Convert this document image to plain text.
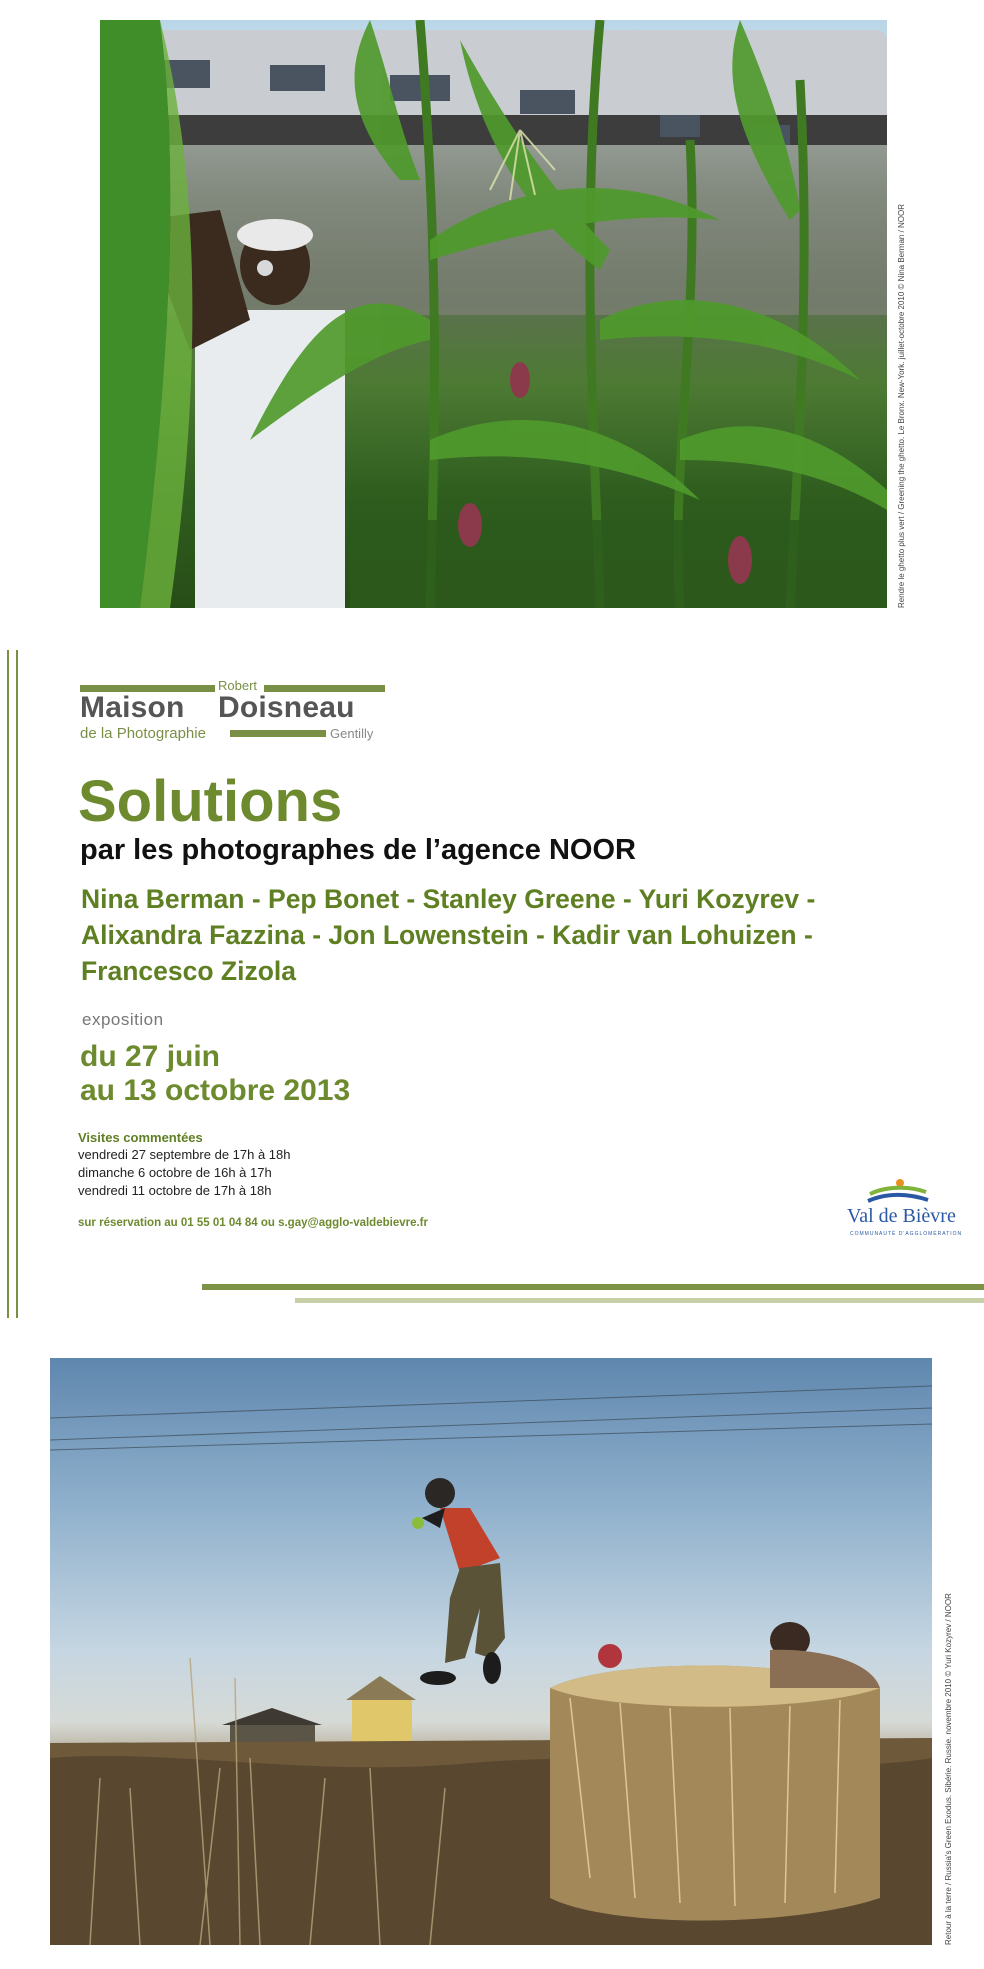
Rendre le ghetto plus vert / Greening the ghetto. Le Bronx. New-York. juillet-octobre 2010 © Nina Berman / NOOR
Robert
Maison Doisneau
de la Photographie	Gentilly
Solutions
par les photographes de l’agence NOOR
Nina Berman - Pep Bonet - Stanley Greene - Yuri Kozyrev -
Alixandra Fazzina - Jon Lowenstein - Kadir van Lohuizen -
Francesco Zizola
exposition
du 27 juin
au 13 octobre 2013
Visites commentées
vendredi 27 septembre de 17h à 18h
dimanche 6 octobre de 16h à 17h
vendredi 11 octobre de 17h à 18h
sur réservation au 01 55 01 04 84 ou s.gay@agglo-valdebievre.fr	Val de Bièvre
COMMUNAUTÉ D'AGGLOMÉRATION
Retour à la terre / Russia's Green Exodus. Sibérie. Russie. novembre 2010 © Yuri Kozyrev / NOOR
